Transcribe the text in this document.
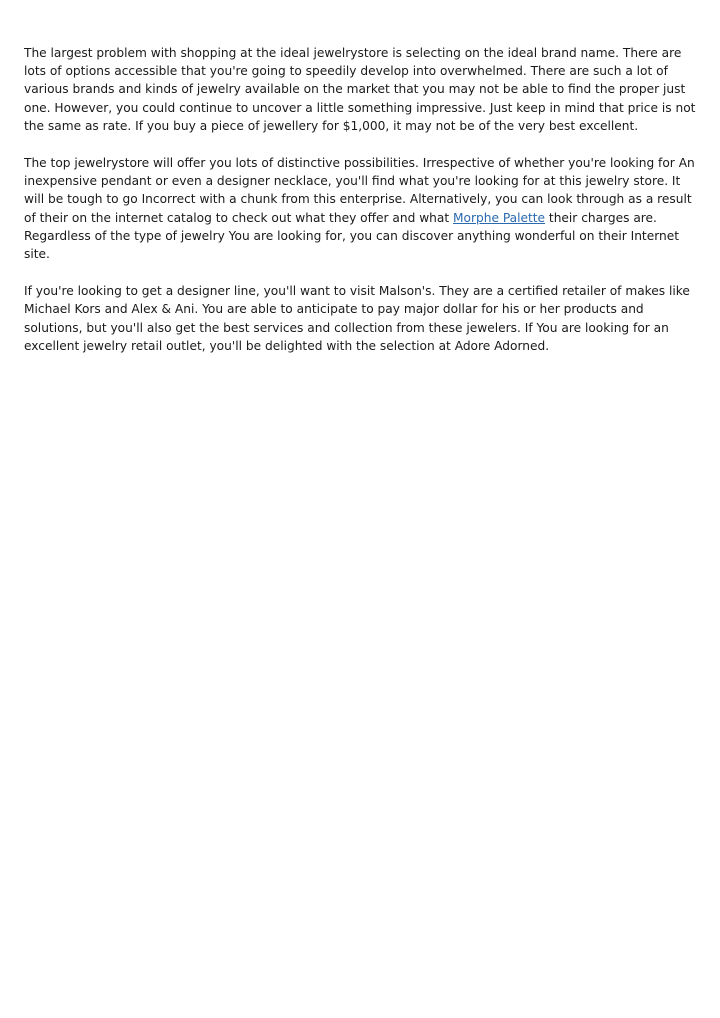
The largest problem with shopping at the ideal jewelrystore is selecting on the ideal brand name. There are lots of options accessible that you're going to speedily develop into overwhelmed. There are such a lot of various brands and kinds of jewelry available on the market that you may not be able to find the proper just one. However, you could continue to uncover a little something impressive. Just keep in mind that price is not the same as rate. If you buy a piece of jewellery for $1,000, it may not be of the very best excellent.

The top jewelrystore will offer you lots of distinctive possibilities. Irrespective of whether you're looking for An inexpensive pendant or even a designer necklace, you'll find what you're looking for at this jewelry store. It will be tough to go Incorrect with a chunk from this enterprise. Alternatively, you can look through as a result of their on the internet catalog to check out what they offer and what Morphe Palette their charges are. Regardless of the type of jewelry You are looking for, you can discover anything wonderful on their Internet site.

If you're looking to get a designer line, you'll want to visit Malson's. They are a certified retailer of makes like Michael Kors and Alex & Ani. You are able to anticipate to pay major dollar for his or her products and solutions, but you'll also get the best services and collection from these jewelers. If You are looking for an excellent jewelry retail outlet, you'll be delighted with the selection at Adore Adorned.
